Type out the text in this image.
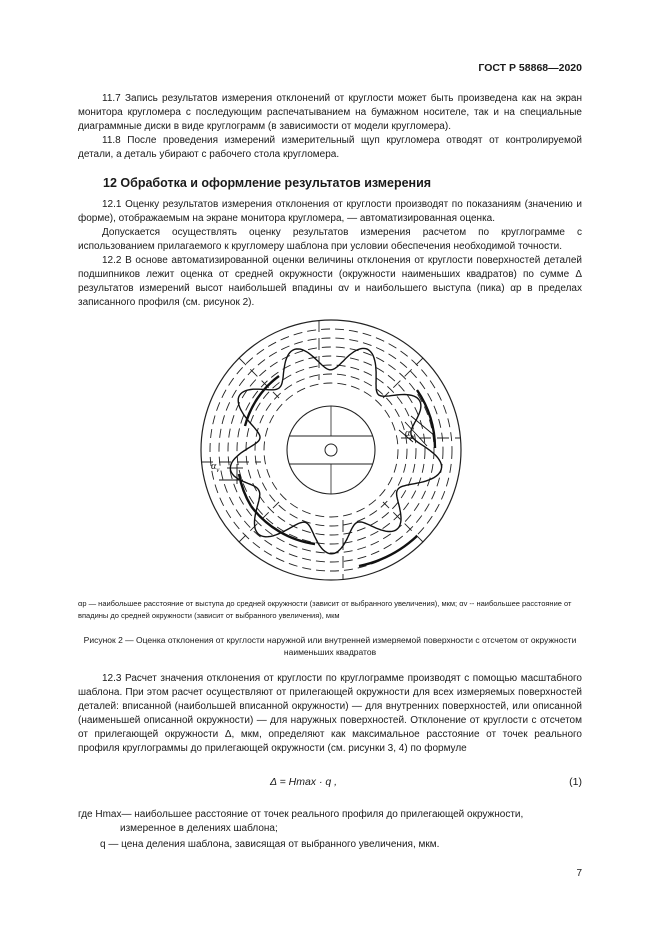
ГОСТ Р 58868—2020

11.7 Запись результатов измерения отклонений от круглости может быть произведена как на экран монитора кругломера с последующим распечатыванием на бумажном носителе, так и на специальные диаграммные диски в виде круглограмм (в зависимости от модели кругломера).

11.8 После проведения измерений измерительный щуп кругломера отводят от контролируемой детали, а деталь убирают с рабочего стола кругломера.

12 Обработка и оформление результатов измерения

12.1 Оценку результатов измерения отклонения от круглости производят по показаниям (значению и форме), отображаемым на экране монитора кругломера, — автоматизированная оценка.

Допускается осуществлять оценку результатов измерения расчетом по круглограмме с использованием прилагаемого к кругломеру шаблона при условии обеспечения необходимой точности.

12.2 В основе автоматизированной оценки величины отклонения от круглости поверхностей деталей подшипников лежит оценка от средней окружности (окружности наименьших квадратов) по сумме Δ результатов измерений высот наибольшей впадины αv и наибольшего выступа (пика) αp в пределах записанного профиля (см. рисунок 2).

$\alpha_v$
$\alpha_p$

αp — наибольшее расстояние от выступа до средней окружности (зависит от выбранного увеличения), мкм; αv -- наибольшее расстояние от впадины до средней окружности (зависит от выбранного увеличения), мкм

Рисунок 2 — Оценка отклонения от круглости наружной или внутренней измеряемой поверхности с отсчетом от окружности наименьших квадратов

12.3 Расчет значения отклонения от круглости по круглограмме производят с помощью масштабного шаблона. При этом расчет осуществляют от прилегающей окружности для всех измеряемых поверхностей деталей: вписанной (наибольшей вписанной окружности) — для внутренних поверхностей, или описанной (наименьшей описанной окружности) — для наружных поверхностей. Отклонение от круглости с отсчетом от прилегающей окружности Δ, мкм, определяют как максимальное расстояние от точек реального профиля круглограммы до прилегающей окружности (см. рисунки 3, 4) по формуле

Δ = Hmax · q ,	(1)

где Hmax— наибольшее расстояние от точек реального профиля до прилегающей окружности,

измеренное в делениях шаблона;

q — цена деления шаблона, зависящая от выбранного увеличения, мкм.

7
